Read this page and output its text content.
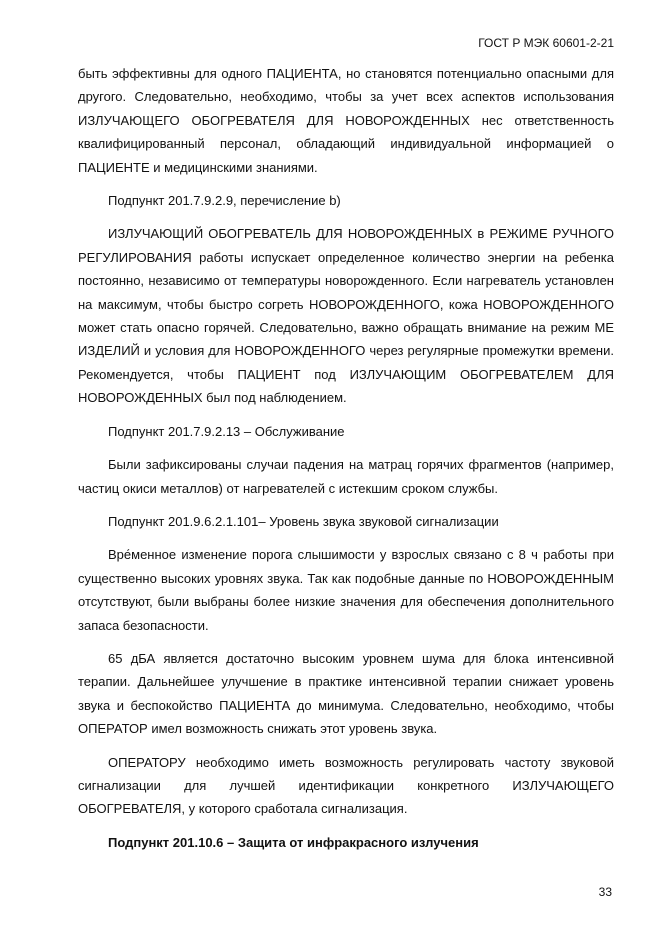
ГОСТ Р МЭК 60601-2-21

быть эффективны для одного ПАЦИЕНТА, но становятся потенциально опасными для другого. Следовательно, необходимо, чтобы за учет всех аспектов использования ИЗЛУЧАЮЩЕГО ОБОГРЕВАТЕЛЯ ДЛЯ НОВОРОЖДЕННЫХ нес ответственность квалифицированный персонал, обладающий индивидуальной информацией о ПАЦИЕНТЕ и медицинскими знаниями.

Подпункт 201.7.9.2.9, перечисление b)

ИЗЛУЧАЮЩИЙ ОБОГРЕВАТЕЛЬ ДЛЯ НОВОРОЖДЕННЫХ в РЕЖИМЕ РУЧНОГО РЕГУЛИРОВАНИЯ работы испускает определенное количество энергии на ребенка постоянно, независимо от температуры новорожденного. Если нагреватель установлен на максимум, чтобы быстро согреть НОВОРОЖДЕННОГО, кожа НОВОРОЖДЕННОГО может стать опасно горячей. Следовательно, важно обращать внимание на режим МЕ ИЗДЕЛИЙ и условия для НОВОРОЖДЕННОГО через регулярные промежутки времени. Рекомендуется, чтобы ПАЦИЕНТ под ИЗЛУЧАЮЩИМ ОБОГРЕВАТЕЛЕМ ДЛЯ НОВОРОЖДЕННЫХ был под наблюдением.

Подпункт 201.7.9.2.13 – Обслуживание

Были зафиксированы случаи падения на матрац горячих фрагментов (например, частиц окиси металлов) от нагревателей с истекшим сроком службы.

Подпункт 201.9.6.2.1.101– Уровень звука звуковой сигнализации

Вре́менное изменение порога слышимости у взрослых связано с 8 ч работы при существенно высоких уровнях звука. Так как подобные данные по НОВОРОЖДЕННЫМ отсутствуют, были выбраны более низкие значения для обеспечения дополнительного запаса безопасности.

65 дБА является достаточно высоким уровнем шума для блока интенсивной терапии. Дальнейшее улучшение в практике интенсивной терапии снижает уровень звука и беспокойство ПАЦИЕНТА до минимума. Следовательно, необходимо, чтобы ОПЕРАТОР имел возможность снижать этот уровень звука.

ОПЕРАТОРУ необходимо иметь возможность регулировать частоту звуковой сигнализации для лучшей идентификации конкретного ИЗЛУЧАЮЩЕГО ОБОГРЕВАТЕЛЯ, у которого сработала сигнализация.

Подпункт 201.10.6 – Защита от инфракрасного излучения

33
